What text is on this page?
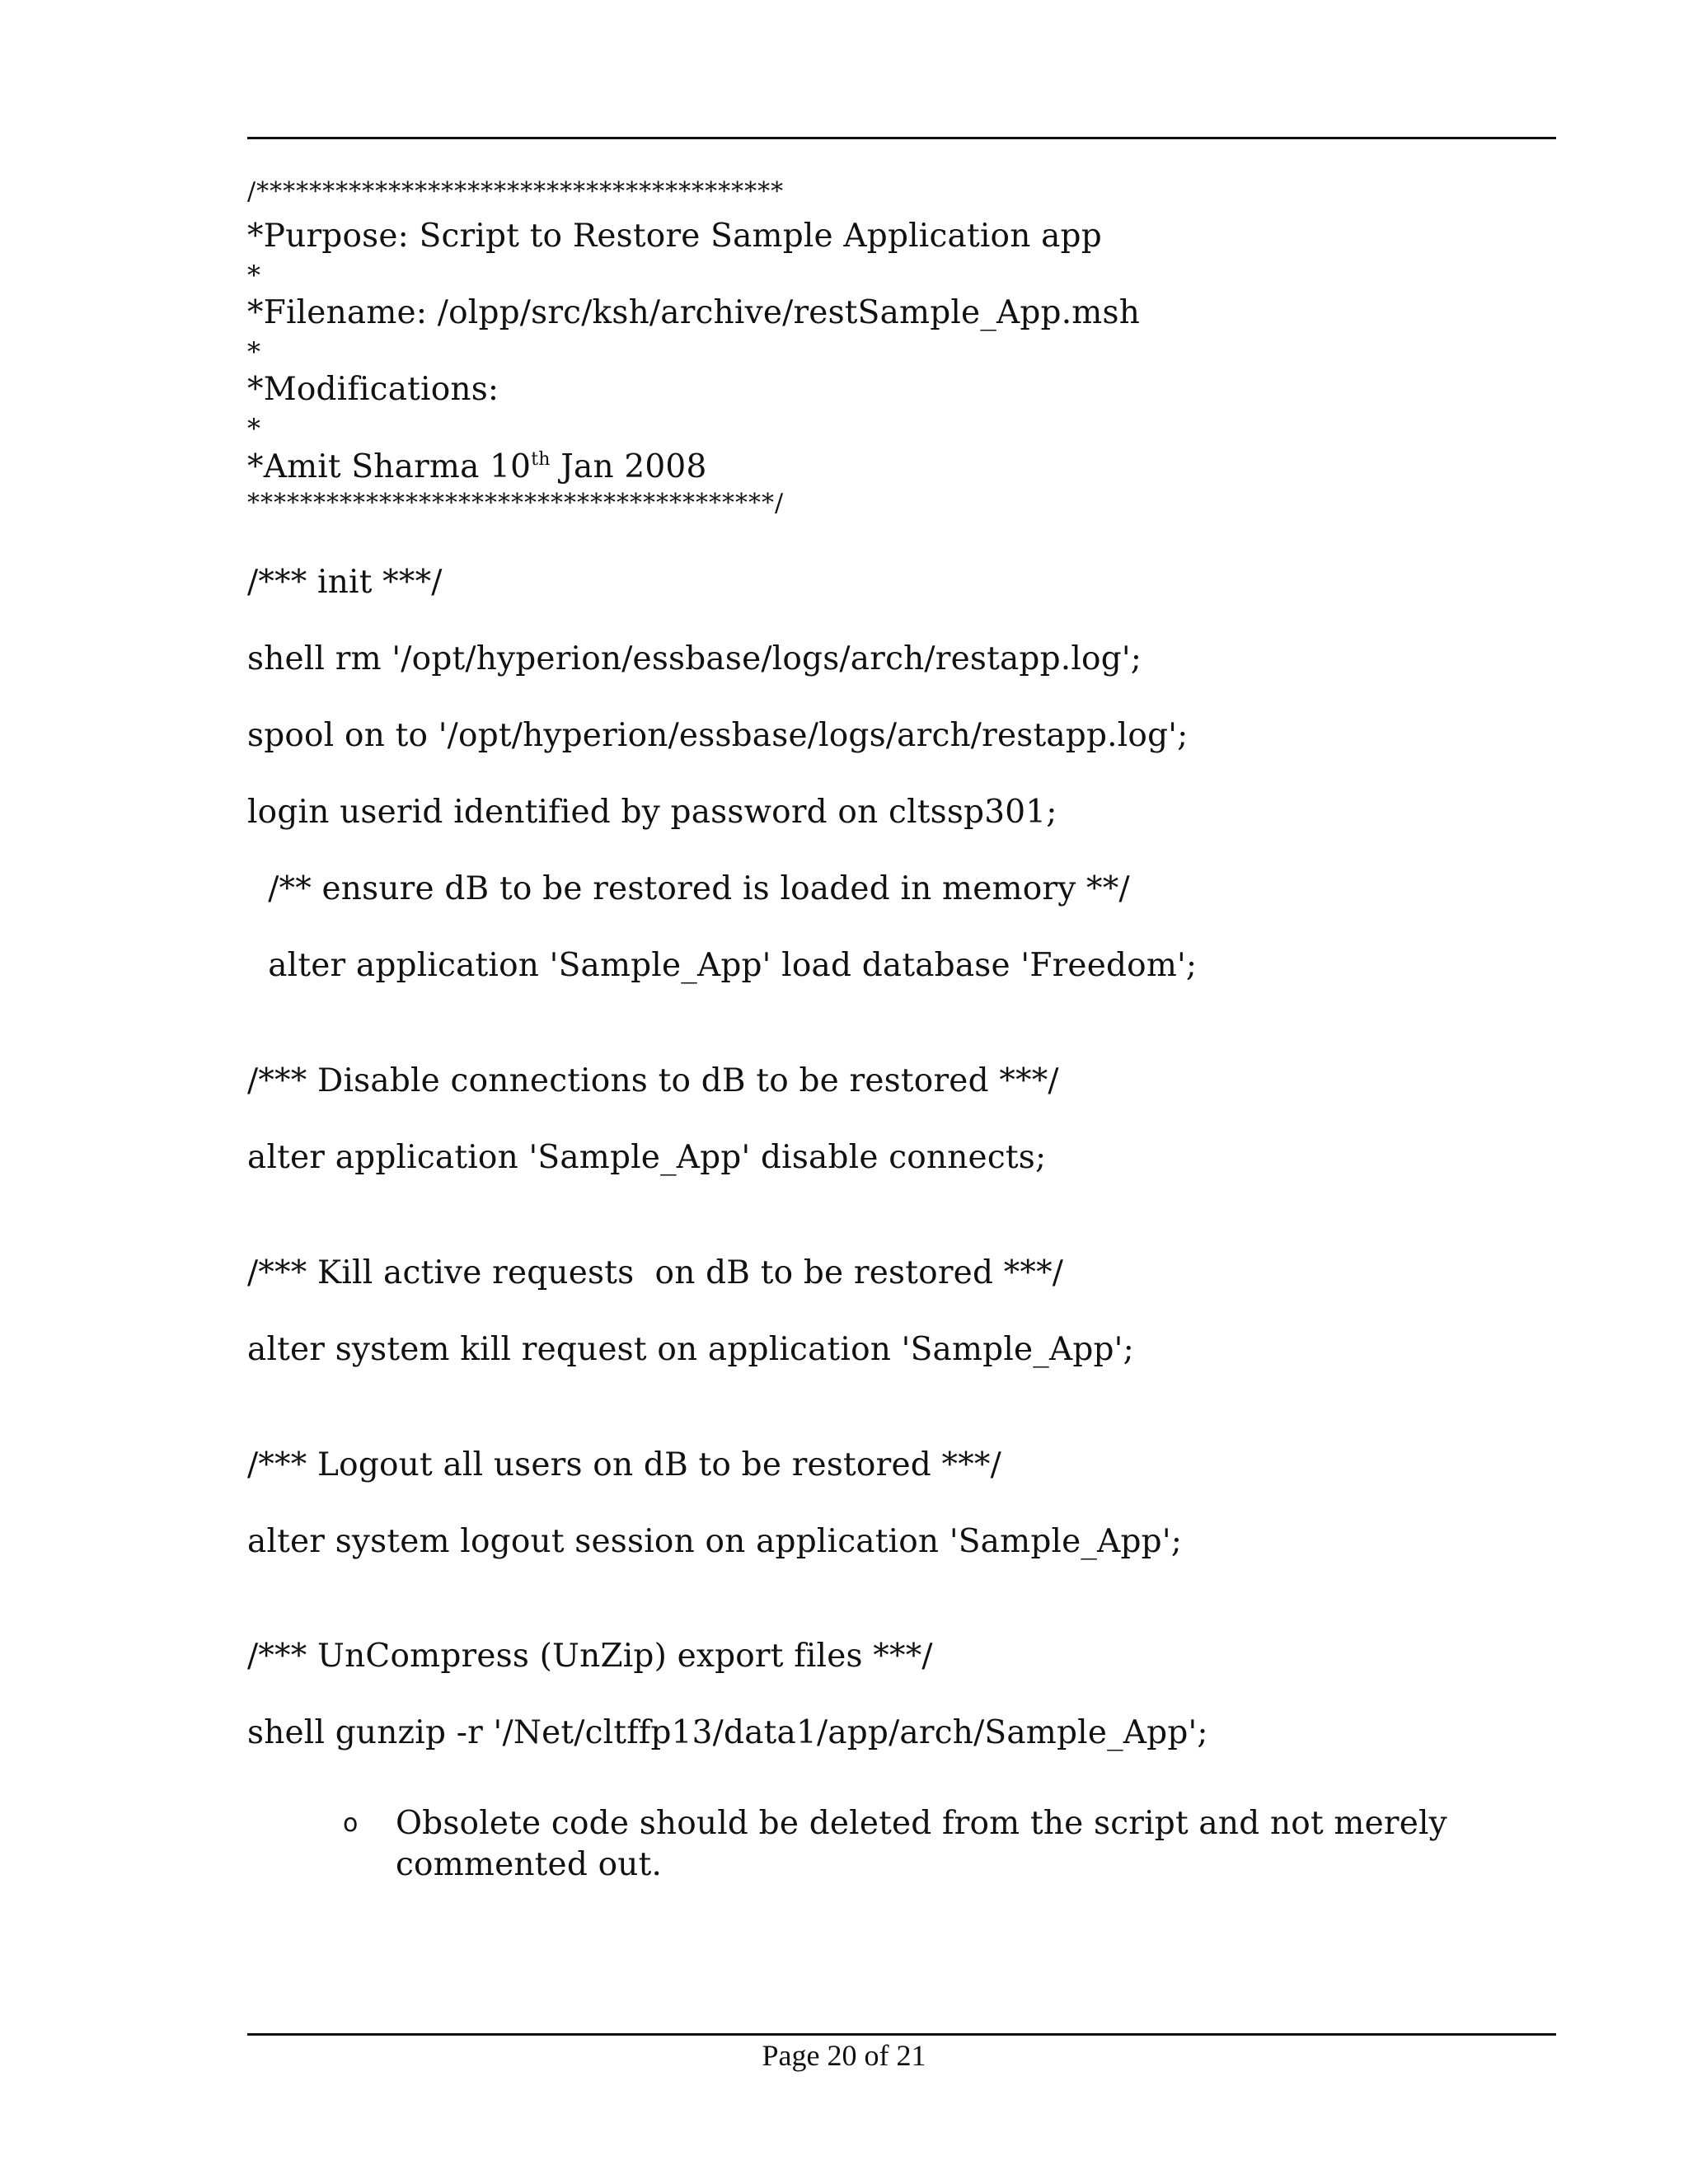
/****************************************
*Purpose: Script to Restore Sample Application app
*
*Filename: /olpp/src/ksh/archive/restSample_App.msh
*
*Modifications:
*
*Amit Sharma 10th Jan 2008
****************************************/
/*** init ***/
shell rm '/opt/hyperion/essbase/logs/arch/restapp.log';
spool on to '/opt/hyperion/essbase/logs/arch/restapp.log';
login userid identified by password on cltssp301;
/** ensure dB to be restored is loaded in memory **/
alter application 'Sample_App' load database 'Freedom';
/*** Disable connections to dB to be restored ***/
alter application 'Sample_App' disable connects;
/*** Kill active requests  on dB to be restored ***/
alter system kill request on application 'Sample_App';
/*** Logout all users on dB to be restored ***/
alter system logout session on application 'Sample_App';
/*** UnCompress (UnZip) export files ***/
shell gunzip -r '/Net/cltffp13/data1/app/arch/Sample_App';
o Obsolete code should be deleted from the script and not merely commented out.
Page 20 of 21
